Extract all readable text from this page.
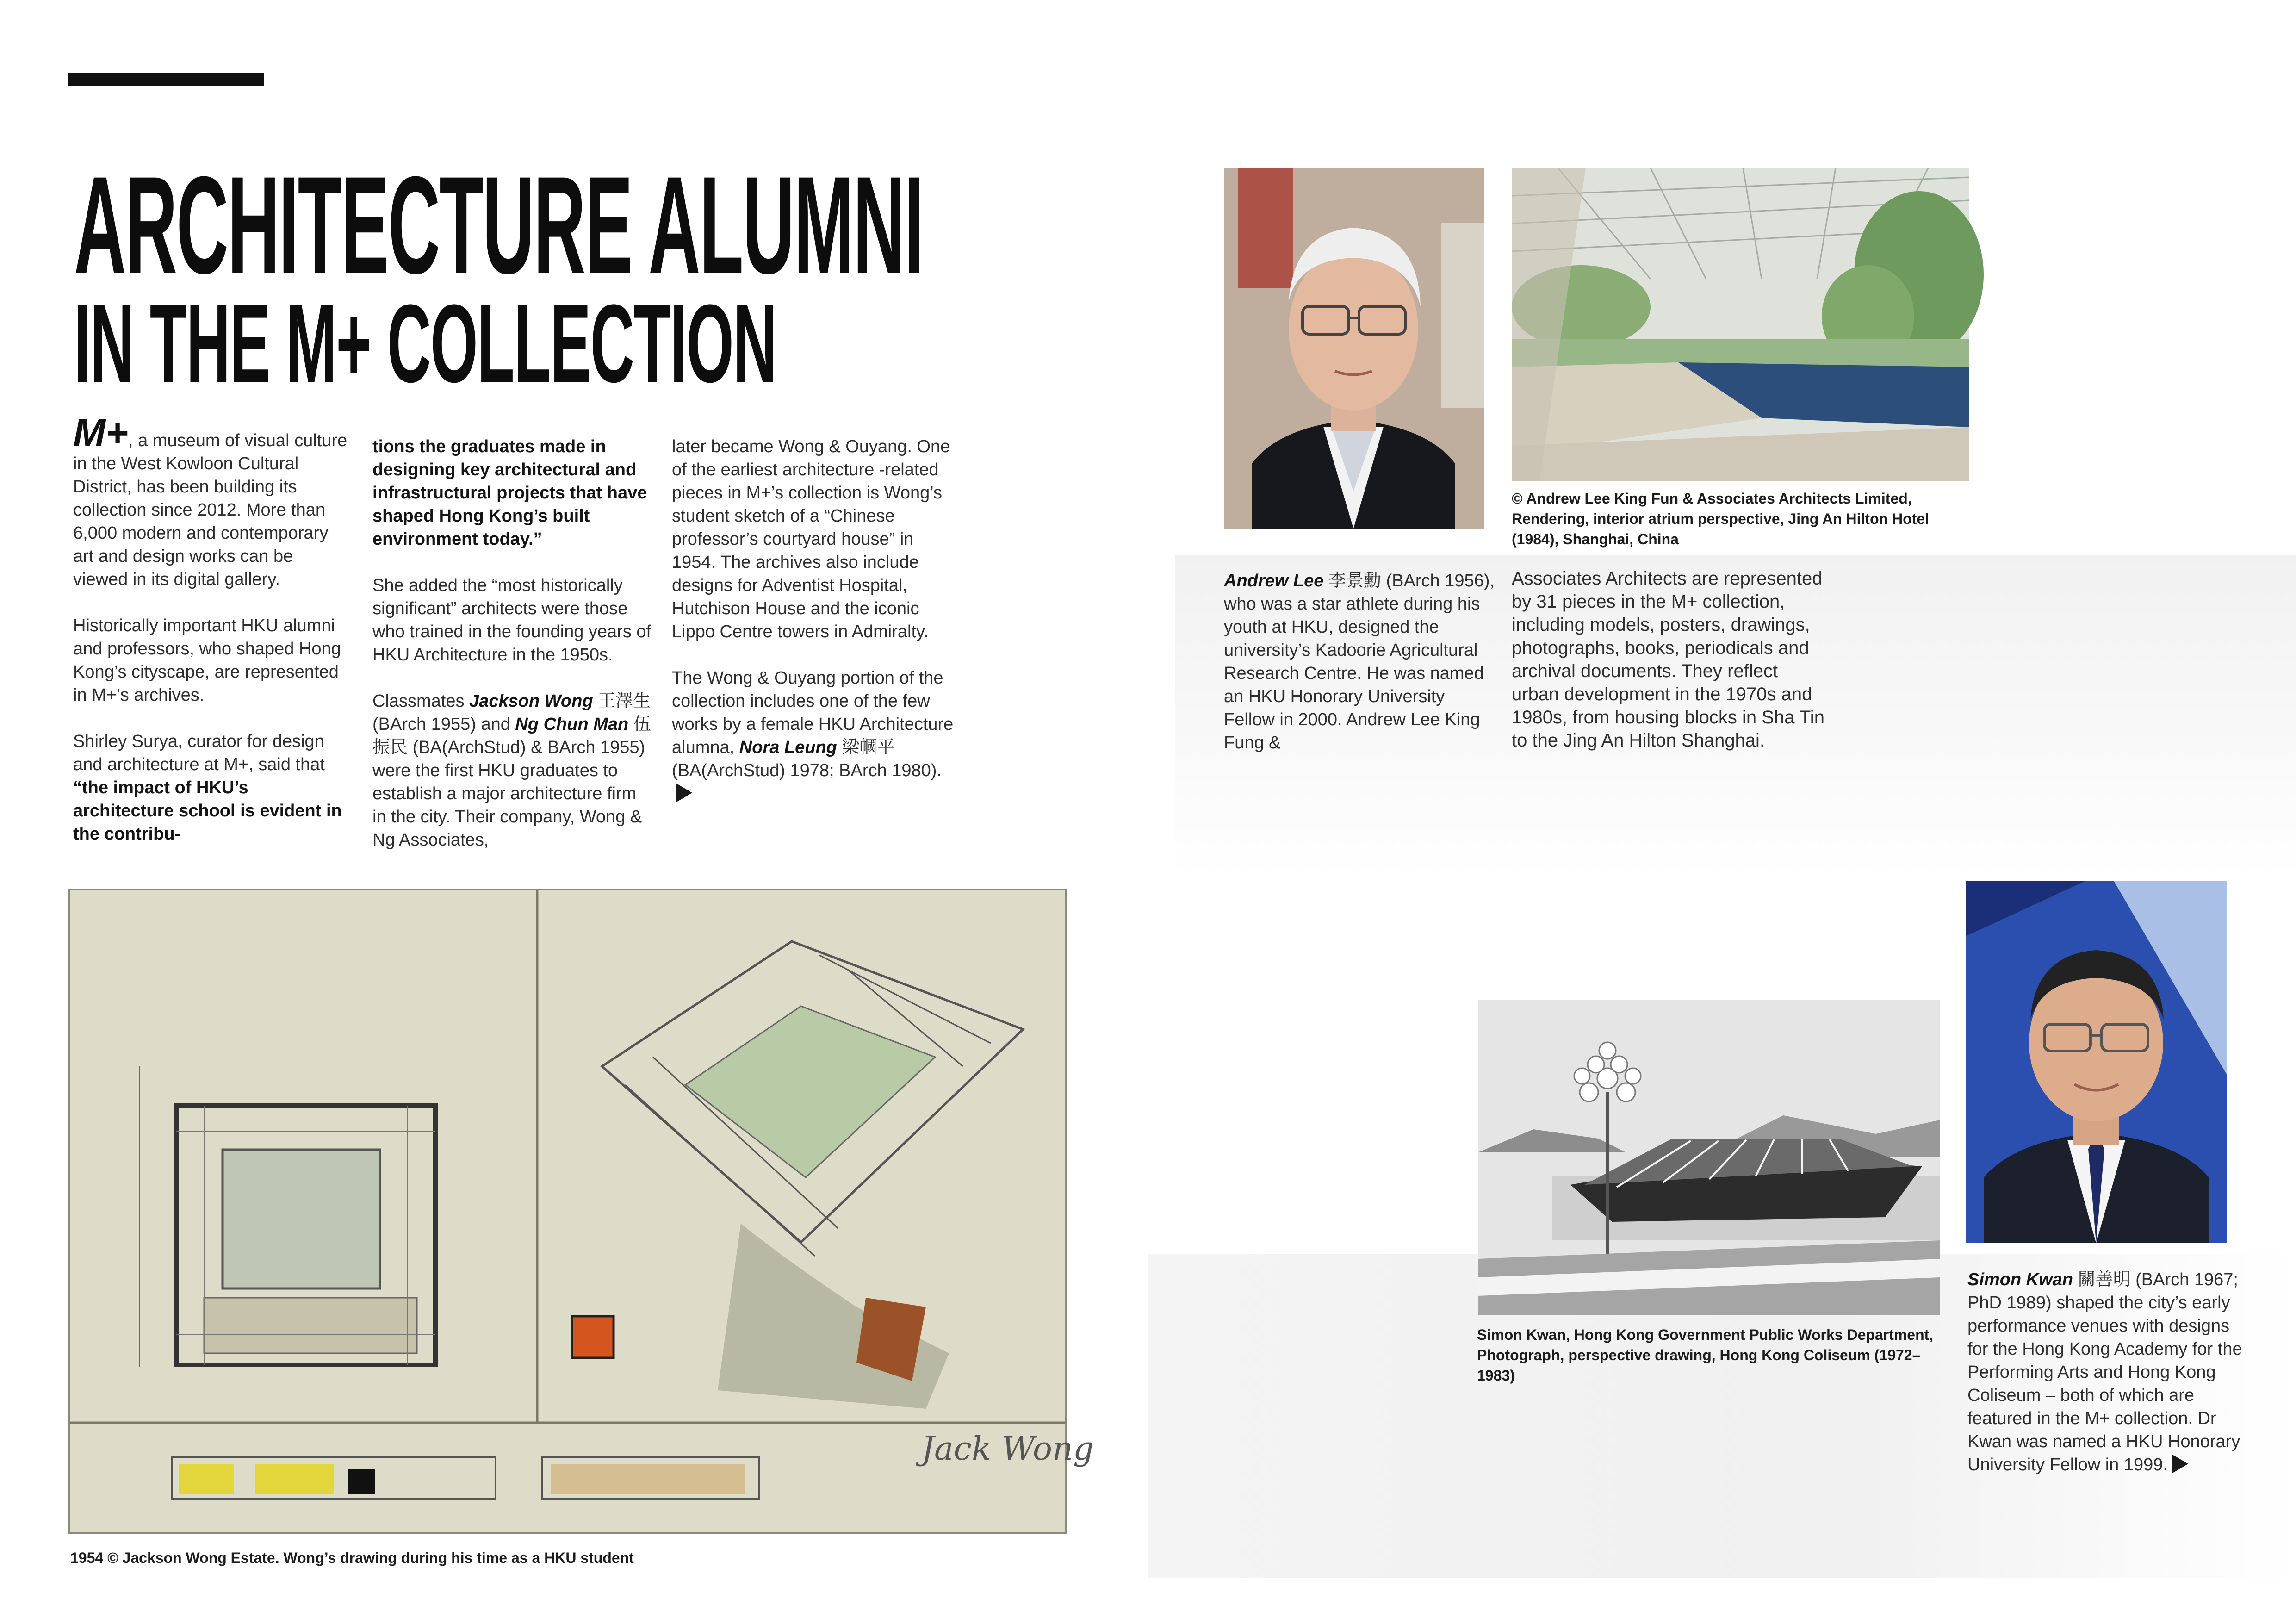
ARCHITECTURE ALUMNI
IN THE M+ COLLECTION

M+, a museum of visual culture in the West Kowloon Cultural District, has been building its collection since 2012. More than 6,000 modern and contemporary art and design works can be viewed in its digital gallery.

Historically important HKU alumni and professors, who shaped Hong Kong’s cityscape, are represented in M+’s archives.

Shirley Surya, curator for design and architecture at M+, said that “the impact of HKU’s architecture school is evident in the contribu-

tions the graduates made in designing key architectural and infrastructural projects that have shaped Hong Kong’s built environment today.”

She added the “most historically significant” architects were those who trained in the founding years of HKU Architecture in the 1950s.

Classmates Jackson Wong 王澤生 (BArch 1955) and Ng Chun Man 伍振民 (BA(ArchStud) & BArch 1955) were the first HKU graduates to establish a major architecture firm in the city. Their company, Wong & Ng Associates,

later became Wong & Ouyang. One of the earliest architecture -related pieces in M+’s collection is Wong’s student sketch of a “Chinese professor’s courtyard house” in 1954. The archives also include designs for Adventist Hospital, Hutchison House and the iconic Lippo Centre towers in Admiralty.

The Wong & Ouyang portion of the collection includes one of the few works by a female HKU Architecture alumna, Nora Leung 梁幗平 (BA(ArchStud) 1978; BArch 1980).

© Andrew Lee King Fun & Associates Architects Limited, Rendering, interior atrium perspective, Jing An Hilton Hotel (1984), Shanghai, China

Andrew Lee 李景勳 (BArch 1956), who was a star athlete during his youth at HKU, designed the university’s Kadoorie Agricultural Research Centre. He was named an HKU Honorary University Fellow in 2000. Andrew Lee King Fung &

Associates Architects are represented by 31 pieces in the M+ collection, including models, posters, drawings, photographs, books, periodicals and archival documents. They reflect urban development in the 1970s and 1980s, from housing blocks in Sha Tin to the Jing An Hilton Shanghai.

Simon Kwan, Hong Kong Government Public Works Department, Photograph, perspective drawing, Hong Kong Coliseum (1972–1983)

Simon Kwan 關善明 (BArch 1967; PhD 1989) shaped the city’s early performance venues with designs for the Hong Kong Academy for the Performing Arts and Hong Kong Coliseum – both of which are featured in the M+ collection. Dr Kwan was named a HKU Honorary University Fellow in 1999.

Jack Wong
1954 © Jackson Wong Estate. Wong’s drawing during his time as a HKU student
